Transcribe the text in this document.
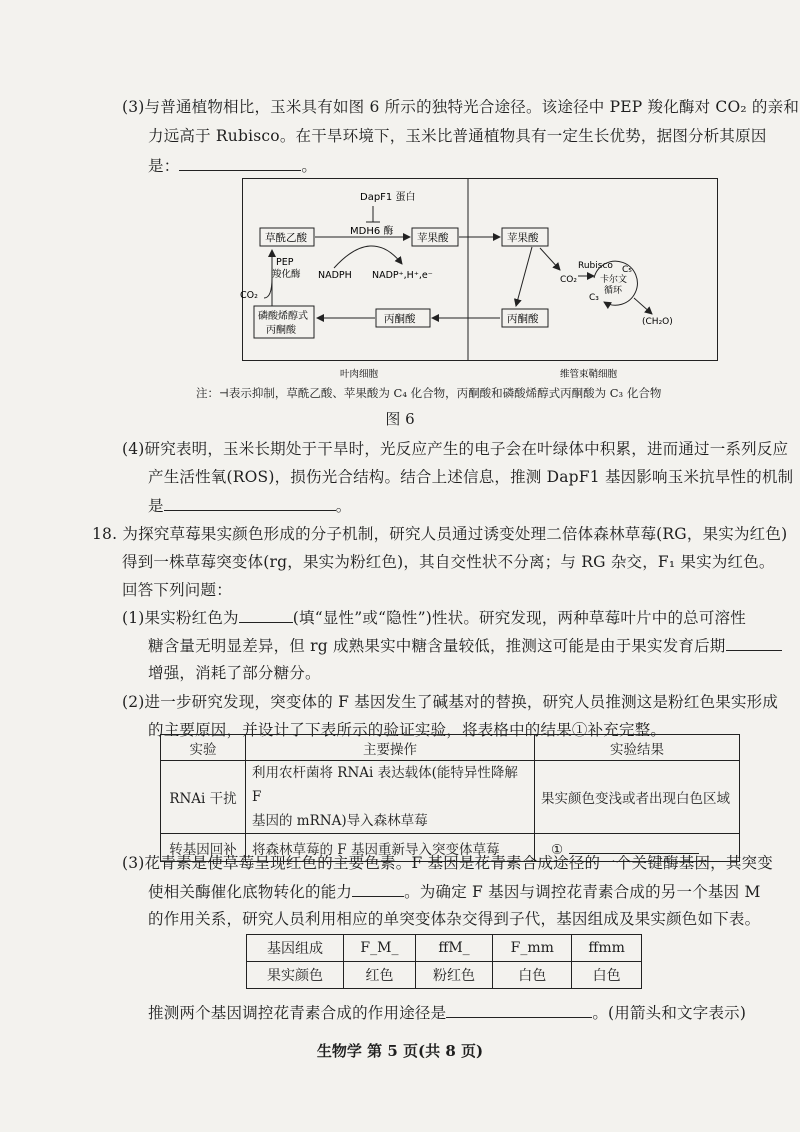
(3)与普通植物相比，玉米具有如图 6 所示的独特光合途径。该途径中 PEP 羧化酶对 CO₂ 的亲和
力远高于 Rubisco。在干旱环境下，玉米比普通植物具有一定生长优势，据图分析其原因
是：	。
DapF1 蛋白
MDH6 酶
草酰乙酸	苹果酸
NADPH NADP⁺,H⁺,e⁻
PEP
羧化酶
CO₂
磷酸烯醇式
丙酮酸
丙酮酸
苹果酸
丙酮酸
CO₂
Rubisco C₅
C₃
卡尔文
循环
(CH₂O)
叶肉细胞	维管束鞘细胞
注：⊣表示抑制，草酰乙酸、苹果酸为 C₄ 化合物，丙酮酸和磷酸烯醇式丙酮酸为 C₃ 化合物
图 6
(4)研究表明，玉米长期处于干旱时，光反应产生的电子会在叶绿体中积累，进而通过一系列反应
产生活性氧(ROS)，损伤光合结构。结合上述信息，推测 DapF1 基因影响玉米抗旱性的机制
是	。
18. 为探究草莓果实颜色形成的分子机制，研究人员通过诱变处理二倍体森林草莓(RG，果实为红色)
得到一株草莓突变体(rg，果实为粉红色)，其自交性状不分离；与 RG 杂交，F₁ 果实为红色。
回答下列问题：
(1)果实粉红色为	(填“显性”或“隐性”)性状。研究发现，两种草莓叶片中的总可溶性
糖含量无明显差异，但 rg 成熟果实中糖含量较低，推测这可能是由于果实发育后期
增强，消耗了部分糖分。
(2)进一步研究发现，突变体的 F 基因发生了碱基对的替换，研究人员推测这是粉红色果实形成
的主要原因，并设计了下表所示的验证实验，将表格中的结果①补充完整。
实验	主要操作	实验结果
RNAi 干扰	利用农杆菌将 RNAi 表达载体(能特异性降解 F
基因的 mRNA)导入森林草莓	果实颜色变浅或者出现白色区域
转基因回补	将森林草莓的 F 基因重新导入突变体草莓	①
(3)花青素是使草莓呈现红色的主要色素。F 基因是花青素合成途径的一个关键酶基因，其突变
使相关酶催化底物转化的能力	。为确定 F 基因与调控花青素合成的另一个基因 M
的作用关系，研究人员利用相应的单突变体杂交得到子代，基因组成及果实颜色如下表。
基因组成	F_M_	ffM_	F_mm	ffmm
果实颜色	红色	粉红色	白色	白色
推测两个基因调控花青素合成的作用途径是	。(用箭头和文字表示)
生物学 第 5 页(共 8 页)
